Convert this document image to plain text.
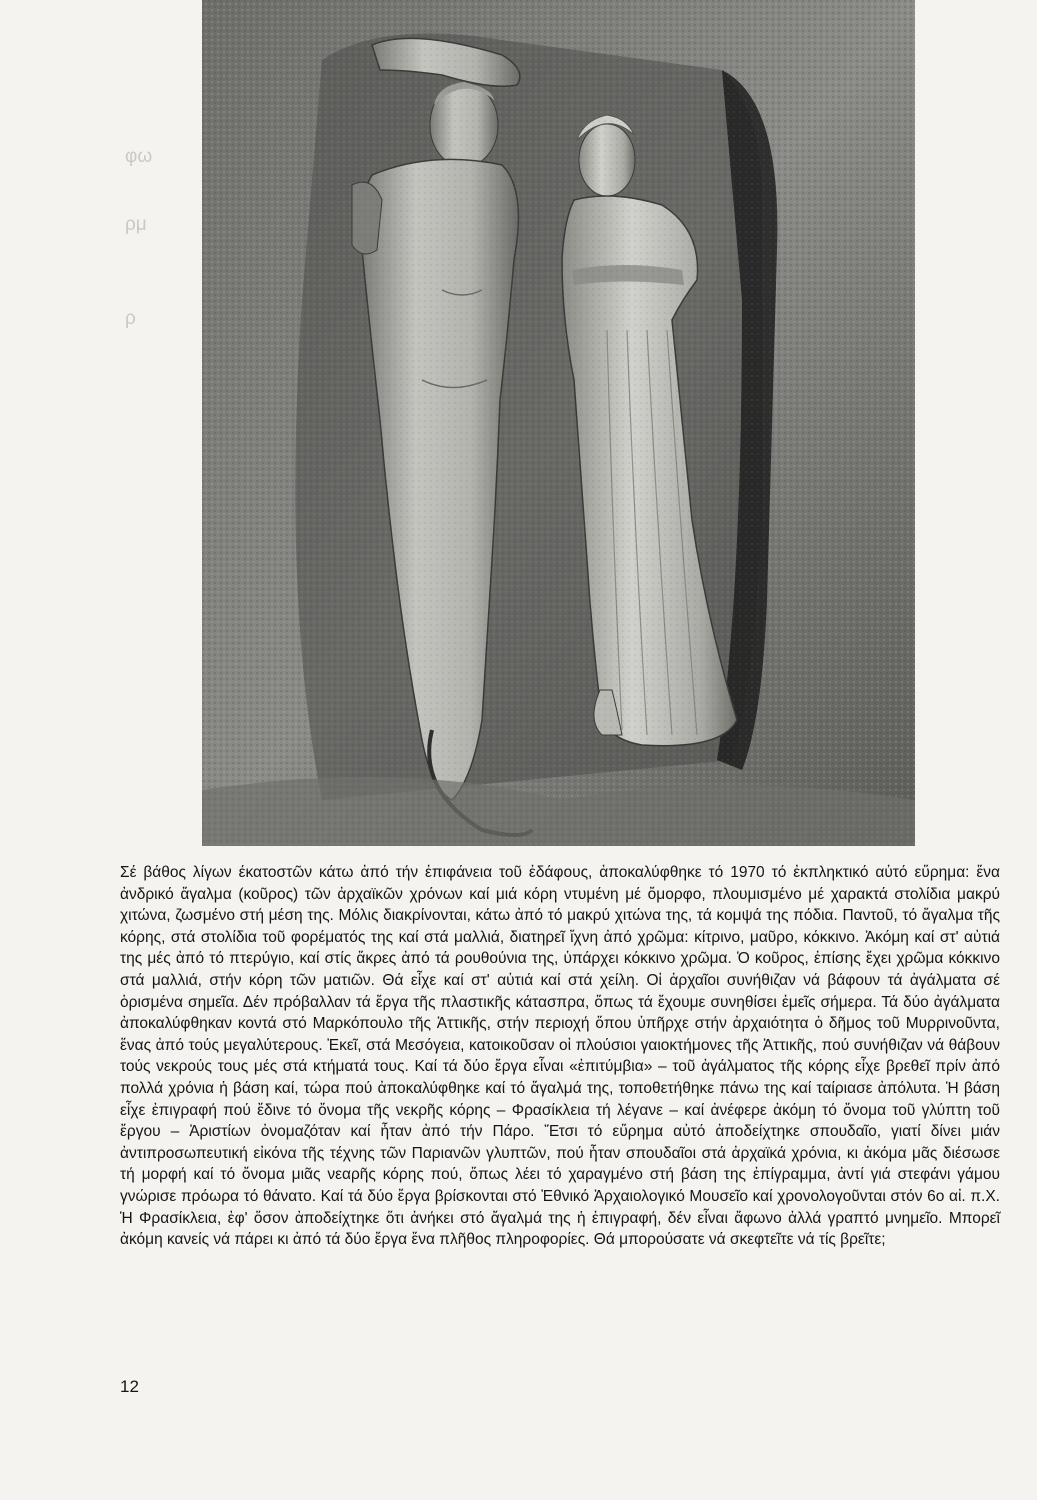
φω
ρμ
ρ
Σέ βάθος λίγων έκατοστῶν κάτω ἀπό τήν ἐπιφάνεια τοῦ ἐδάφους, ἀποκαλύφθηκε τό 1970 τό ἐκπληκτικό αὐτό εὕρημα: ἕνα ἀνδρικό ἄγαλμα (κοῦρος) τῶν ἀρχαϊκῶν χρόνων καί μιά κόρη ντυμένη μέ ὄμορφο, πλουμισμένο μέ χαρακτά στολίδια μακρύ χιτώνα, ζωσμένο στή μέση της. Μόλις διακρίνονται, κάτω ἀπό τό μακρύ χιτώνα της, τά κομψά της πόδια. Παντοῦ, τό ἄγαλμα τῆς κόρης, στά στολίδια τοῦ φορέματός της καί στά μαλλιά, διατηρεῖ ἴχνη ἀπό χρῶμα: κίτρινο, μαῦρο, κόκκινο. Ἀκόμη καί στ' αὐτιά της μές ἀπό τό πτερύγιο, καί στίς ἄκρες ἀπό τά ρουθούνια της, ὑπάρχει κόκκινο χρῶμα. Ὁ κοῦρος, ἐπίσης ἔχει χρῶμα κόκκινο στά μαλλιά, στήν κόρη τῶν ματιῶν. Θά εἶχε καί στ' αὐτιά καί στά χείλη. Οἱ ἀρχαῖοι συνήθιζαν νά βάφουν τά ἀγάλματα σέ ὁρισμένα σημεῖα. Δέν πρόβαλλαν τά ἔργα τῆς πλαστικῆς κάτασπρα, ὅπως τά ἔχουμε συνηθίσει ἐμεῖς σήμερα. Τά δύο ἀγάλματα ἀποκαλύφθηκαν κοντά στό Μαρκόπουλο τῆς Ἀττικῆς, στήν περιοχή ὅπου ὑπῆρχε στήν ἀρχαιότητα ὁ δῆμος τοῦ Μυρρινοῦντα, ἕνας ἀπό τούς μεγαλύτερους. Ἐκεῖ, στά Μεσόγεια, κατοικοῦσαν οἱ πλούσιοι γαιοκτήμονες τῆς Ἀττικῆς, πού συνήθιζαν νά θάβουν τούς νεκρούς τους μές στά κτήματά τους. Καί τά δύο ἔργα εἶναι «ἐπιτύμβια» – τοῦ ἀγάλματος τῆς κόρης εἶχε βρεθεῖ πρίν ἀπό πολλά χρόνια ἡ βάση καί, τώρα πού ἀποκαλύφθηκε καί τό ἄγαλμά της, τοποθετήθηκε πάνω της καί ταίριασε ἀπόλυτα. Ἡ βάση εἶχε ἐπιγραφή πού ἔδινε τό ὄνομα τῆς νεκρῆς κόρης – Φρασίκλεια τή λέγανε – καί ἀνέφερε ἀκόμη τό ὄνομα τοῦ γλύπτη τοῦ ἔργου – Ἀριστίων ὀνομαζόταν καί ἦταν ἀπό τήν Πάρο. Ἔτσι τό εὕρημα αὐτό ἀποδείχτηκε σπουδαῖο, γιατί δίνει μιάν ἀντιπροσωπευτική εἰκόνα τῆς τέχνης τῶν Παριανῶν γλυπτῶν, πού ἦταν σπουδαῖοι στά ἀρχαϊκά χρόνια, κι ἀκόμα μᾶς διέσωσε τή μορφή καί τό ὄνομα μιᾶς νεαρῆς κόρης πού, ὅπως λέει τό χαραγμένο στή βάση της ἐπίγραμμα, ἀντί γιά στεφάνι γάμου γνώρισε πρόωρα τό θάνατο. Καί τά δύο ἔργα βρίσκονται στό Ἐθνικό Ἀρχαιολογικό Μουσεῖο καί χρονολογοῦνται στόν 6ο αἰ. π.Χ. Ἡ Φρασίκλεια, ἐφ' ὅσον ἀποδείχτηκε ὅτι ἀνήκει στό ἄγαλμά της ἡ ἐπιγραφή, δέν εἶναι ἄφωνο ἀλλά γραπτό μνημεῖο. Μπορεῖ ἀκόμη κανείς νά πάρει κι ἀπό τά δύο ἔργα ἕνα πλῆθος πληροφορίες. Θά μπορούσατε νά σκεφτεῖτε νά τίς βρεῖτε;
12
